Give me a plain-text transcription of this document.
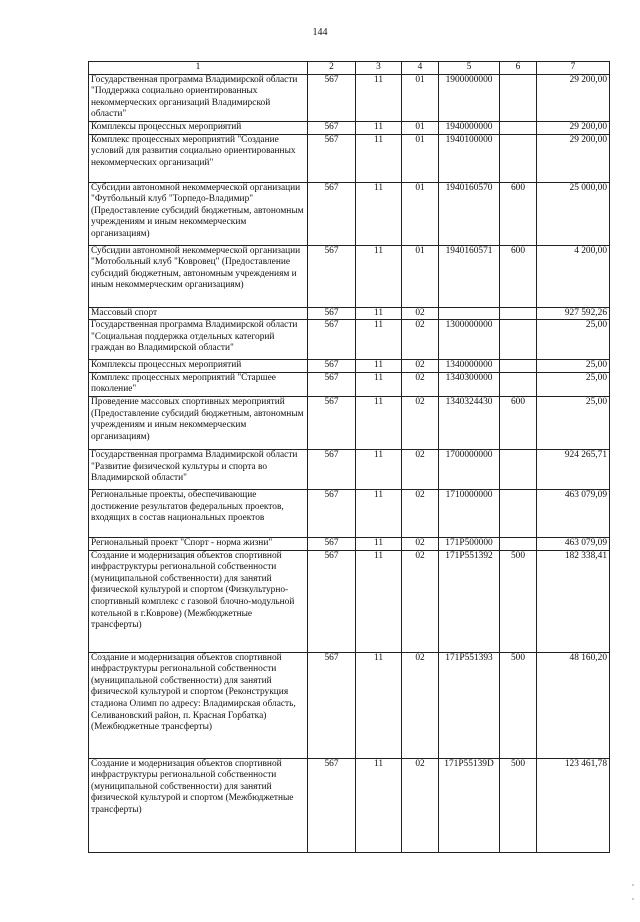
144
1	2	3	4	5	6	7
Государственная программа Владимирской области "Поддержка социально ориентированных некоммерческих организаций Владимирской области"	567	11	01	1900000000		29 200,00
Комплексы процессных мероприятий	567	11	01	1940000000		29 200,00
Комплекс процессных мероприятий "Создание условий для развития социально ориентированных некоммерческих организаций"	567	11	01	1940100000		29 200,00
Субсидии автономной некоммерческой организации "Футбольный клуб "Торпедо-Владимир" (Предоставление субсидий бюджетным, автономным учреждениям и иным некоммерческим организациям)	567	11	01	1940160570	600	25 000,00
Субсидии автономной некоммерческой организации "Мотобольный клуб "Ковровец" (Предоставление субсидий бюджетным, автономным учреждениям и иным некоммерческим организациям)	567	11	01	1940160571	600	4 200,00
Массовый спорт	567	11	02			927 592,26
Государственная программа Владимирской области "Социальная поддержка отдельных категорий граждан во Владимирской области"	567	11	02	1300000000		25,00
Комплексы процессных мероприятий	567	11	02	1340000000		25,00
Комплекс процессных мероприятий "Старшее поколение"	567	11	02	1340300000		25,00
Проведение массовых спортивных мероприятий (Предоставление субсидий бюджетным, автономным учреждениям и иным некоммерческим организациям)	567	11	02	1340324430	600	25,00
Государственная программа Владимирской области "Развитие физической культуры и спорта во Владимирской области"	567	11	02	1700000000		924 265,71
Региональные проекты, обеспечивающие достижение результатов федеральных проектов, входящих в состав национальных проектов	567	11	02	1710000000		463 079,09
Региональный проект "Спорт - норма жизни"	567	11	02	171P500000		463 079,09
Создание и модернизация объектов спортивной инфраструктуры региональной собственности (муниципальной собственности) для занятий физической культурой и спортом (Физкультурно-спортивный комплекс с газовой блочно-модульной котельной в г.Коврове) (Межбюджетные трансферты)	567	11	02	171P551392	500	182 338,41
Создание и модернизация объектов спортивной инфраструктуры региональной собственности (муниципальной собственности) для занятий физической культурой и спортом (Реконструкция стадиона Олимп по адресу: Владимирская область, Селивановский район, п. Красная Горбатка) (Межбюджетные трансферты)	567	11	02	171P551393	500	48 160,20
Создание и модернизация объектов спортивной инфраструктуры региональной собственности (муниципальной собственности) для занятий физической культурой и спортом (Межбюджетные трансферты)	567	11	02	171P55139D	500	123 461,78
